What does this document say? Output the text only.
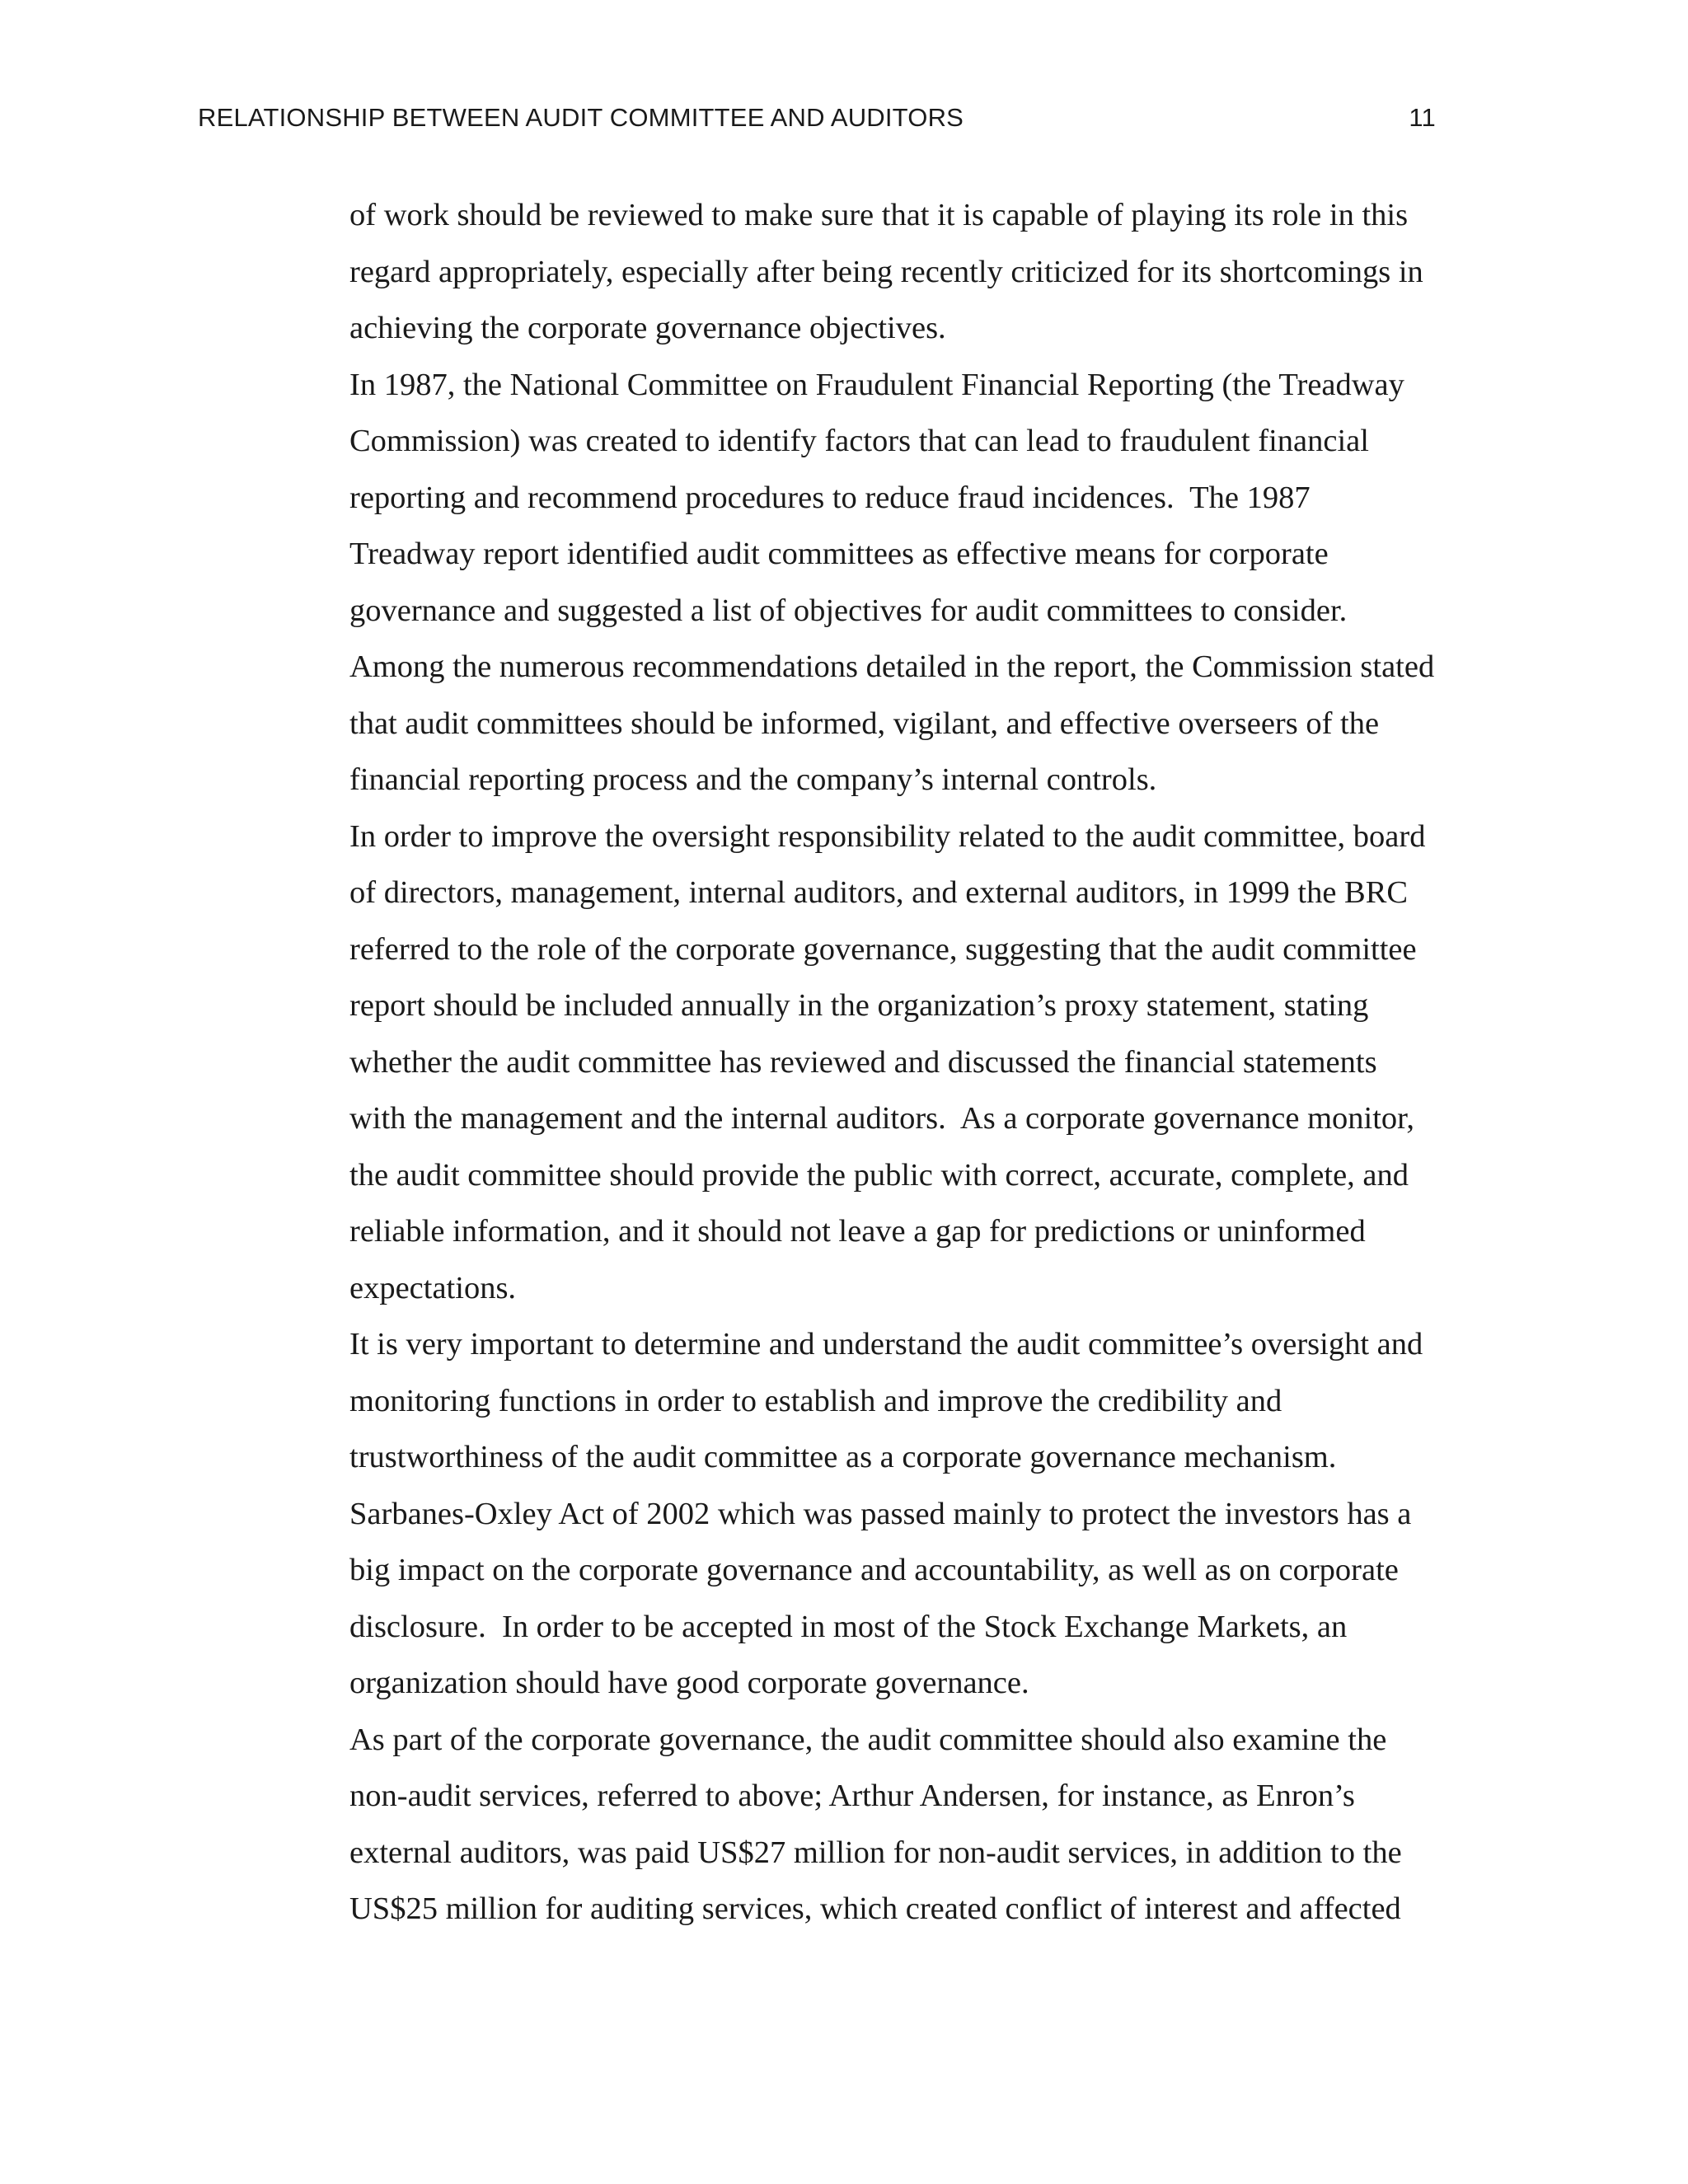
RELATIONSHIP BETWEEN AUDIT COMMITTEE AND AUDITORS	11
of work should be reviewed to make sure that it is capable of playing its role in this
regard appropriately, especially after being recently criticized for its shortcomings in
achieving the corporate governance objectives.
In 1987, the National Committee on Fraudulent Financial Reporting (the Treadway
Commission) was created to identify factors that can lead to fraudulent financial
reporting and recommend procedures to reduce fraud incidences.  The 1987
Treadway report identified audit committees as effective means for corporate
governance and suggested a list of objectives for audit committees to consider.
Among the numerous recommendations detailed in the report, the Commission stated
that audit committees should be informed, vigilant, and effective overseers of the
financial reporting process and the company’s internal controls.
In order to improve the oversight responsibility related to the audit committee, board
of directors, management, internal auditors, and external auditors, in 1999 the BRC
referred to the role of the corporate governance, suggesting that the audit committee
report should be included annually in the organization’s proxy statement, stating
whether the audit committee has reviewed and discussed the financial statements
with the management and the internal auditors.  As a corporate governance monitor,
the audit committee should provide the public with correct, accurate, complete, and
reliable information, and it should not leave a gap for predictions or uninformed
expectations.
It is very important to determine and understand the audit committee’s oversight and
monitoring functions in order to establish and improve the credibility and
trustworthiness of the audit committee as a corporate governance mechanism.
Sarbanes-Oxley Act of 2002 which was passed mainly to protect the investors has a
big impact on the corporate governance and accountability, as well as on corporate
disclosure.  In order to be accepted in most of the Stock Exchange Markets, an
organization should have good corporate governance.
As part of the corporate governance, the audit committee should also examine the
non-audit services, referred to above; Arthur Andersen, for instance, as Enron’s
external auditors, was paid US$27 million for non-audit services, in addition to the
US$25 million for auditing services, which created conflict of interest and affected
